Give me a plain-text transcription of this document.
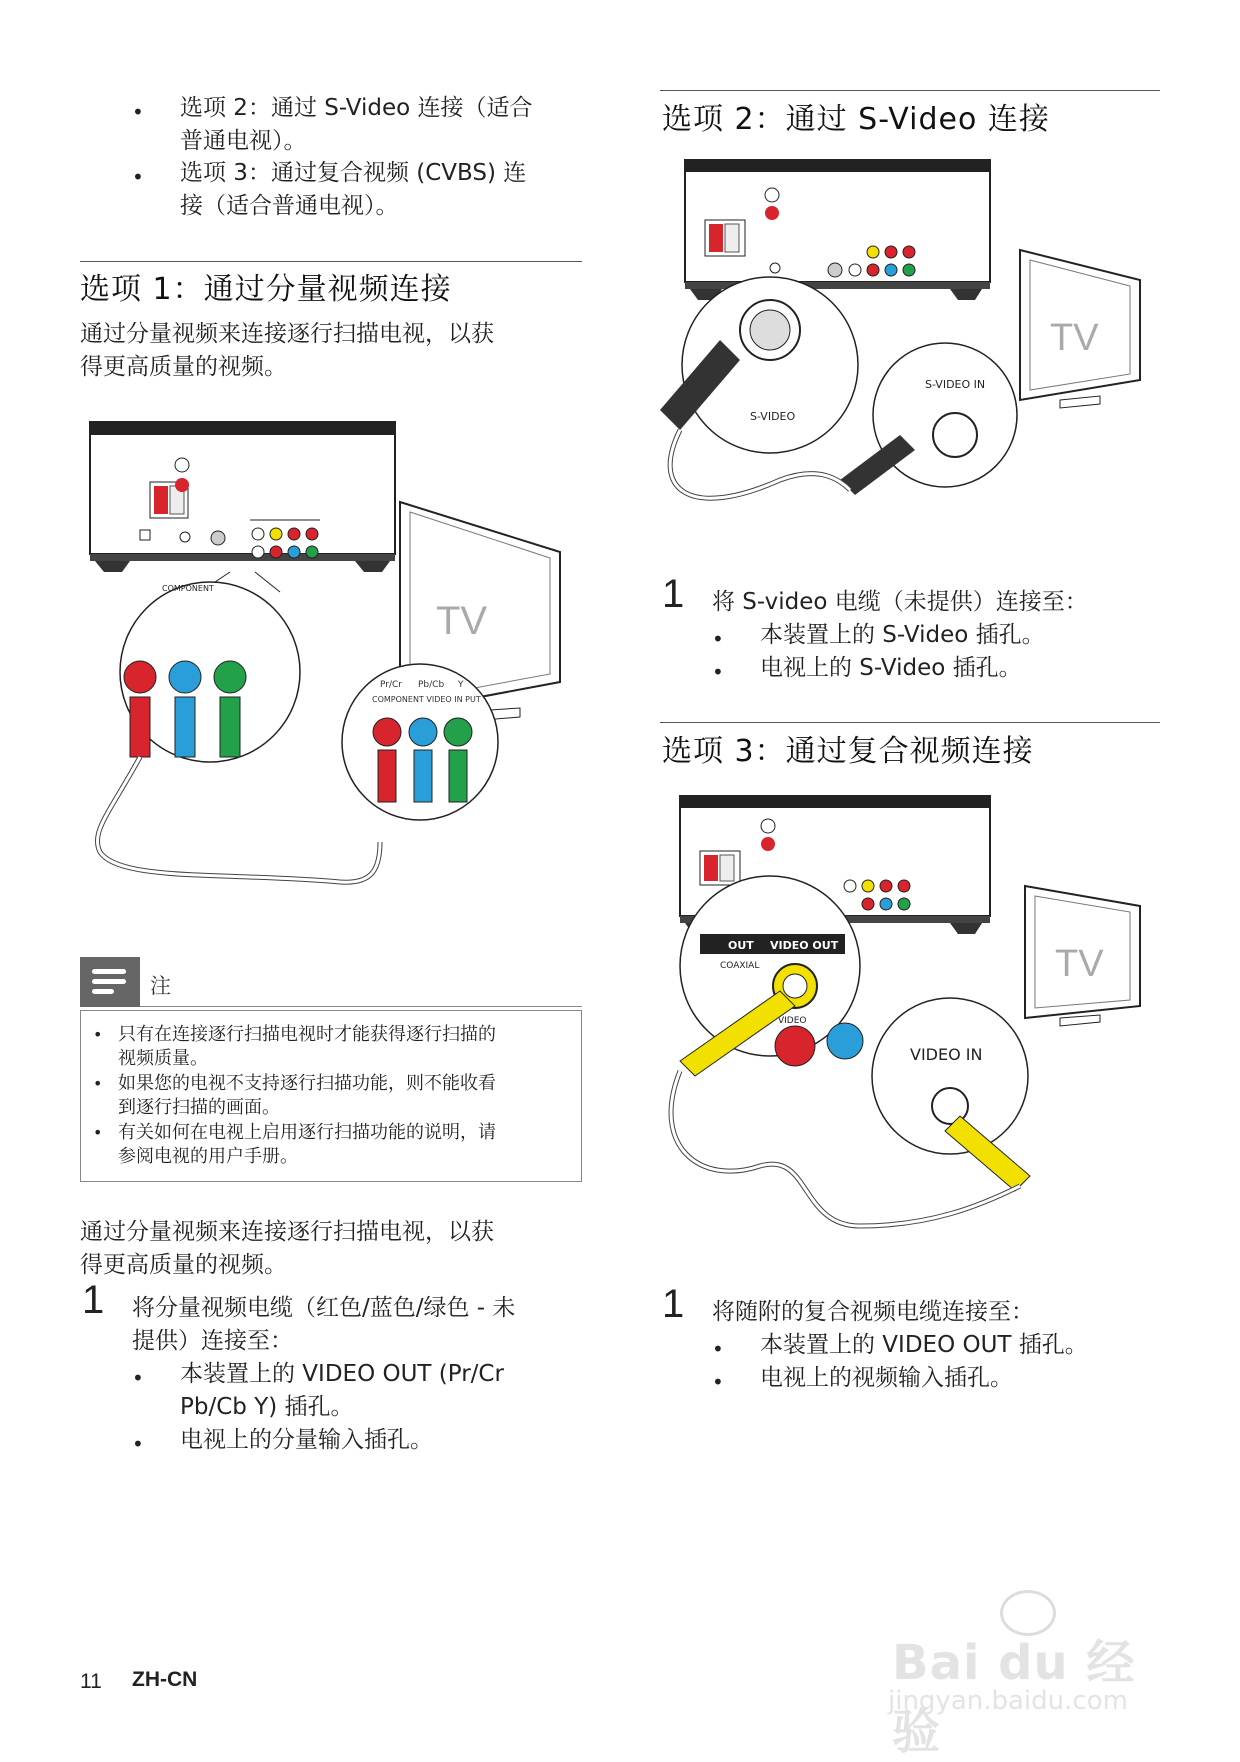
• 选项 2：通过 S-Video 连接（适合
普通电视）。
• 选项 3：通过复合视频 (CVBS) 连
接（适合普通电视）。
选项 1：通过分量视频连接
通过分量视频来连接逐行扫描电视，以获
得更高质量的视频。
COMPONENT
TV
Pr/Cr Pb/Cb Y
COMPONENT VIDEO IN PUT
注
• 只有在连接逐行扫描电视时才能获得逐行扫描的
视频质量。
• 如果您的电视不支持逐行扫描功能，则不能收看
到逐行扫描的画面。
• 有关如何在电视上启用逐行扫描功能的说明，请
参阅电视的用户手册。
通过分量视频来连接逐行扫描电视，以获
得更高质量的视频。
1 将分量视频电缆（红色/蓝色/绿色 - 未
提供）连接至：
• 本装置上的 VIDEO OUT (Pr/Cr
Pb/Cb Y) 插孔。
• 电视上的分量输入插孔。
选项 2：通过 S-Video 连接
S-VIDEO
TV
S-VIDEO IN
1 将 S-video 电缆（未提供）连接至：
• 本装置上的 S-Video 插孔。
• 电视上的 S-Video 插孔。
选项 3：通过复合视频连接
OUT VIDEO OUT
COAXIAL
VIDEO
TV
VIDEO IN
1 将随附的复合视频电缆连接至：
• 本装置上的 VIDEO OUT 插孔。
• 电视上的视频输入插孔。
11 ZH-CN	Bai du 经验
jingyan.baidu.com
